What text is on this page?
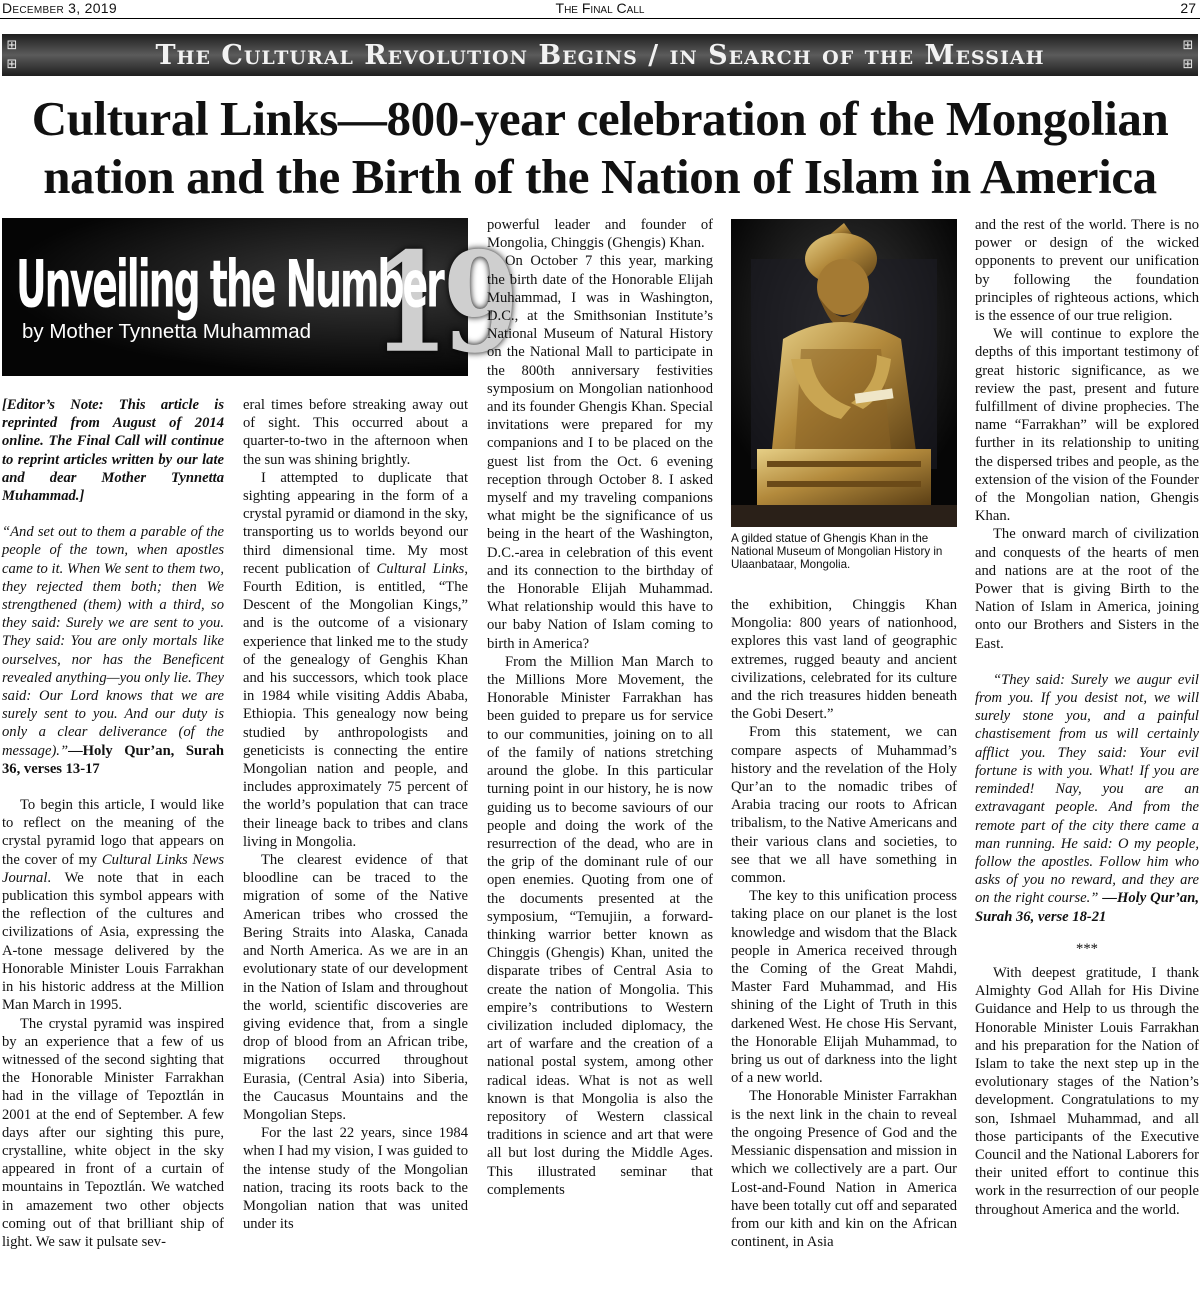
The Final Call
December 3, 2019	27
⊞
⊞	The Cultural Revolution Begins / in Search of the Messiah	⊞
⊞
Cultural Links—800-year celebration of the Mongolian
nation and the Birth of the Nation of Islam in America
19
Unveiling the Number
by Mother Tynnetta Muhammad

[Editor’s Note: This article is reprinted from August of 2014 online. The Final Call will continue to reprint articles written by our late and dear Mother Tynnetta Muhammad.]

“And set out to them a parable of the people of the town, when apostles came to it. When We sent to them two, they rejected them both; then We strengthened (them) with a third, so they said: Surely we are sent to you. They said: You are only mortals like ourselves, nor has the Beneficent revealed anything—you only lie. They said: Our Lord knows that we are surely sent to you. And our duty is only a clear deliverance (of the message).”—Holy Qur’an, Surah 36, verses 13-17

To begin this article, I would like to reflect on the meaning of the crystal pyramid logo that appears on the cover of my Cultural Links News Journal. We note that in each publication this symbol appears with the reflection of the cultures and civilizations of Asia, expressing the A-tone message delivered by the Honorable Minister Louis Farrakhan in his historic address at the Million Man March in 1995.

The crystal pyramid was inspired by an experience that a few of us witnessed of the second sighting that the Honorable Minister Farrakhan had in the village of Tepoztlán in 2001 at the end of September. A few days after our sighting this pure, crystalline, white object in the sky appeared in front of a curtain of mountains in Tepoztlán. We watched in amazement two other objects coming out of that brilliant ship of light. We saw it pulsate sev-

eral times before streaking away out of sight. This occurred about a quarter-to-two in the afternoon when the sun was shining brightly.

I attempted to duplicate that sighting appearing in the form of a crystal pyramid or diamond in the sky, transporting us to worlds beyond our third dimensional time. My most recent publication of Cultural Links, Fourth Edition, is entitled, “The Descent of the Mongolian Kings,” and is the outcome of a visionary experience that linked me to the study of the genealogy of Genghis Khan and his successors, which took place in 1984 while visiting Addis Ababa, Ethiopia. This genealogy now being studied by anthropologists and geneticists is connecting the entire Mongolian nation and people, and includes approximately 75 percent of the world’s population that can trace their lineage back to tribes and clans living in Mongolia.

The clearest evidence of that bloodline can be traced to the migration of some of the Native American tribes who crossed the Bering Straits into Alaska, Canada and North America. As we are in an evolutionary state of our development in the Nation of Islam and throughout the world, scientific discoveries are giving evidence that, from a single drop of blood from an African tribe, migrations occurred throughout Eurasia, (Central Asia) into Siberia, the Caucasus Mountains and the Mongolian Steps.

For the last 22 years, since 1984 when I had my vision, I was guided to the intense study of the Mongolian nation, tracing its roots back to the Mongolian nation that was united under its

powerful leader and founder of Mongolia, Chinggis (Ghengis) Khan.

On October 7 this year, marking the birth date of the Honorable Elijah Muhammad, I was in Washington, D.C., at the Smithsonian Institute’s National Museum of Natural History on the National Mall to participate in the 800th anniversary festivities symposium on Mongolian nationhood and its founder Ghengis Khan. Special invitations were prepared for my companions and I to be placed on the guest list from the Oct. 6 evening reception through October 8. I asked myself and my traveling companions what might be the significance of us being in the heart of the Washington, D.C.-area in celebration of this event and its connection to the birthday of the Honorable Elijah Muhammad. What relationship would this have to our baby Nation of Islam coming to birth in America?

From the Million Man March to the Millions More Movement, the Honorable Minister Farrakhan has been guided to prepare us for service to our communities, joining on to all of the family of nations stretching around the globe. In this particular turning point in our history, he is now guiding us to become saviours of our people and doing the work of the resurrection of the dead, who are in the grip of the dominant rule of our open enemies. Quoting from one of the documents presented at the symposium, “Temujiin, a forward-thinking warrior better known as Chinggis (Ghengis) Khan, united the disparate tribes of Central Asia to create the nation of Mongolia. This empire’s contributions to Western civilization included diplomacy, the art of warfare and the creation of a national postal system, among other radical ideas. What is not as well known is that Mongolia is also the repository of Western classical traditions in science and art that were all but lost during the Middle Ages. This illustrated seminar that complements

A gilded statue of Ghengis Khan in the National Museum of Mongolian History in Ulaanbataar, Mongolia.

the exhibition, Chinggis Khan Mongolia: 800 years of nationhood, explores this vast land of geographic extremes, rugged beauty and ancient civilizations, celebrated for its culture and the rich treasures hidden beneath the Gobi Desert.”

From this statement, we can compare aspects of Muhammad’s history and the revelation of the Holy Qur’an to the nomadic tribes of Arabia tracing our roots to African tribalism, to the Native Americans and their various clans and societies, to see that we all have something in common.

The key to this unification process taking place on our planet is the lost knowledge and wisdom that the Black people in America received through the Coming of the Great Mahdi, Master Fard Muhammad, and His shining of the Light of Truth in this darkened West. He chose His Servant, the Honorable Elijah Muhammad, to bring us out of darkness into the light of a new world.

The Honorable Minister Farrakhan is the next link in the chain to reveal the ongoing Presence of God and the Messianic dispensation and mission in which we collectively are a part. Our Lost-and-Found Nation in America have been totally cut off and separated from our kith and kin on the African continent, in Asia

and the rest of the world. There is no power or design of the wicked opponents to prevent our unification by following the foundation principles of righteous actions, which is the essence of our true religion.

We will continue to explore the depths of this important testimony of great historic significance, as we review the past, present and future fulfillment of divine prophecies. The name “Farrakhan” will be explored further in its relationship to uniting the dispersed tribes and people, as the extension of the vision of the Founder of the Mongolian nation, Ghengis Khan.

The onward march of civilization and conquests of the hearts of men and nations are at the root of the Power that is giving Birth to the Nation of Islam in America, joining onto our Brothers and Sisters in the East.

“They said: Surely we augur evil from you. If you desist not, we will surely stone you, and a painful chastisement from us will certainly afflict you. They said: Your evil fortune is with you. What! If you are reminded! Nay, you are an extravagant people. And from the remote part of the city there came a man running. He said: O my people, follow the apostles. Follow him who asks of you no reward, and they are on the right course.” —Holy Qur’an, Surah 36, verse 18-21

***

With deepest gratitude, I thank Almighty God Allah for His Divine Guidance and Help to us through the Honorable Minister Louis Farrakhan and his preparation for the Nation of Islam to take the next step up in the evolutionary stages of the Nation’s development. Congratulations to my son, Ishmael Muhammad, and all those participants of the Executive Council and the National Laborers for their united effort to continue this work in the resurrection of our people throughout America and the world.
